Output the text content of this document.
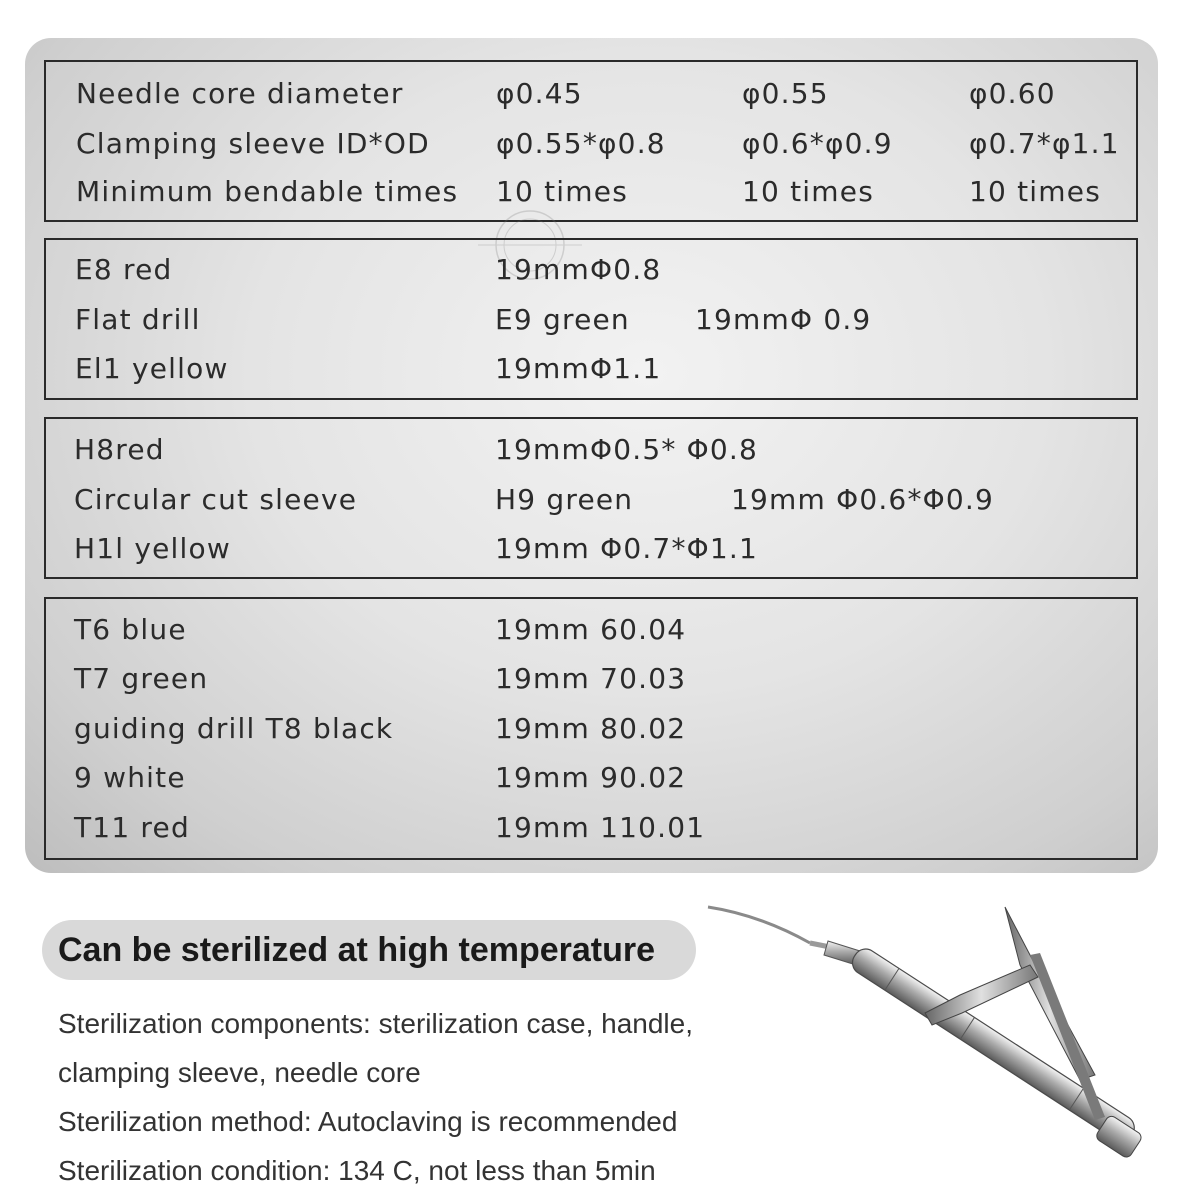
Needle core diameter	φ0.45	φ0.55	φ0.60
Clamping sleeve ID*OD φ0.55*φ0.8	φ0.6*φ0.9	φ0.7*φ1.1
Minimum bendable times 10 times	10 times	10 times
E8 red	19mmΦ0.8
Flat drill	E9 green 19mmΦ 0.9
El1 yellow	19mmΦ1.1
H8red	19mmΦ0.5* Φ0.8
Circular cut sleeve	H9 green	19mm Φ0.6*Φ0.9
H1l yellow	19mm Φ0.7*Φ1.1
T6 blue	19mm 60.04
T7 green	19mm 70.03
guiding drill T8 black	19mm 80.02
9 white	19mm 90.02
T11 red	19mm 110.01
Can be sterilized at high temperature
Sterilization components: sterilization case, handle,
clamping sleeve, needle core
Sterilization method: Autoclaving is recommended
Sterilization condition: 134 C, not less than 5min
